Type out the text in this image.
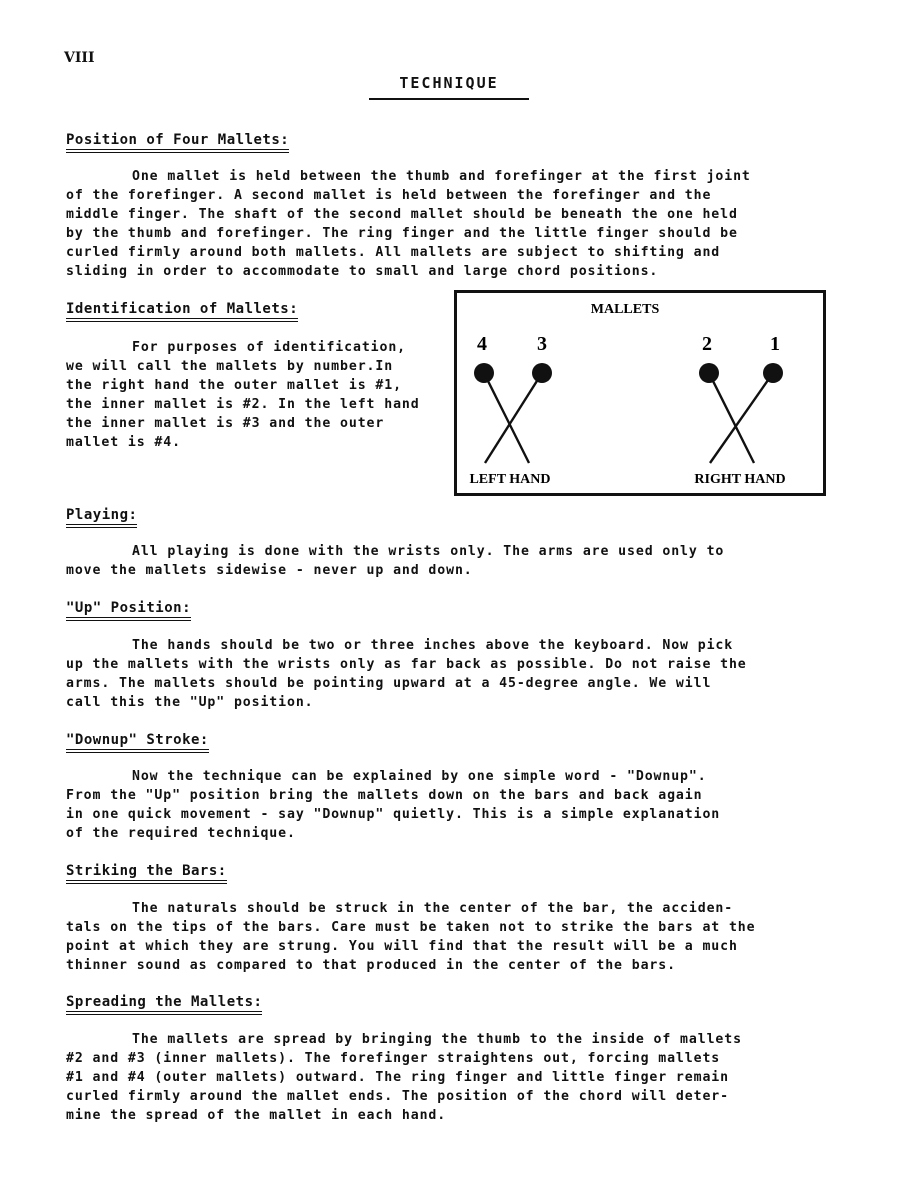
VIII
TECHNIQUE
Position of Four Mallets:
One mallet is held between the thumb and forefinger at the first joint
of the forefinger. A second mallet is held between the forefinger and the
middle finger. The shaft of the second mallet should be beneath the one held
by the thumb and forefinger. The ring finger and the little finger should be
curled firmly around both mallets. All mallets are subject to shifting and
sliding in order to accommodate to small and large chord positions.
Identification of Mallets:
For purposes of identification,
we will call the mallets by number.In
the right hand the outer mallet is #1,
the inner mallet is #2. In the left hand
the inner mallet is #3 and the outer
mallet is #4.
MALLETS
4	3	2	1
LEFT HAND	RIGHT HAND
Playing:
All playing is done with the wrists only. The arms are used only to
move the mallets sidewise - never up and down.
"Up" Position:
The hands should be two or three inches above the keyboard. Now pick
up the mallets with the wrists only as far back as possible. Do not raise the
arms. The mallets should be pointing upward at a 45-degree angle. We will
call this the "Up" position.
"Downup" Stroke:
Now the technique can be explained by one simple word - "Downup".
From the "Up" position bring the mallets down on the bars and back again
in one quick movement - say "Downup" quietly. This is a simple explanation
of the required technique.
Striking the Bars:
The naturals should be struck in the center of the bar, the acciden-
tals on the tips of the bars. Care must be taken not to strike the bars at the
point at which they are strung. You will find that the result will be a much
thinner sound as compared to that produced in the center of the bars.
Spreading the Mallets:
The mallets are spread by bringing the thumb to the inside of mallets
#2 and #3 (inner mallets). The forefinger straightens out, forcing mallets
#1 and #4 (outer mallets) outward. The ring finger and little finger remain
curled firmly around the mallet ends. The position of the chord will deter-
mine the spread of the mallet in each hand.
